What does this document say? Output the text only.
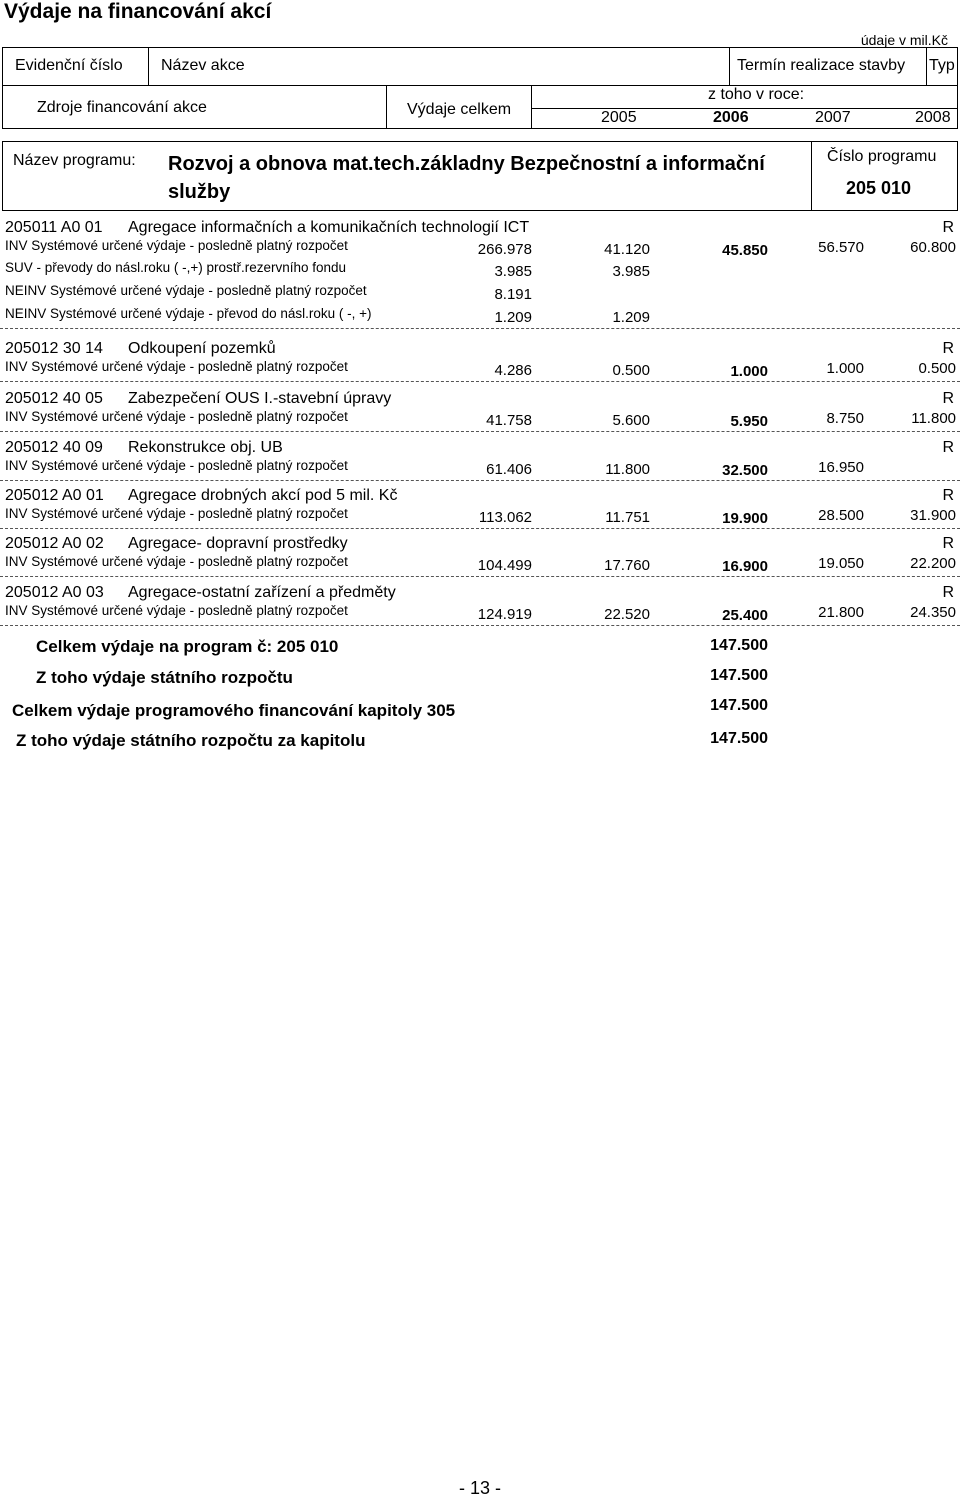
Výdaje na financování akcí
údaje v mil.Kč
Evidenční číslo Název akce	Termín realizace stavby Typ
Zdroje financování akce	Výdaje celkem
z toho v roce:
2005	2006	2007	2008
Název programu: Rozvoj a obnova mat.tech.základny Bezpečnostní a informační
služby
Číslo programu
205 010
205011 A0 01 Agregace informačních a komunikačních technologií ICT	R
INV Systémové určené výdaje - posledně platný rozpočet	266.978	41.120	45.850	56.570	60.800
SUV - převody do násl.roku ( -,+) prostř.rezervního fondu	3.985	3.985
NEINV Systémové určené výdaje - posledně platný rozpočet	8.191
NEINV Systémové určené výdaje - převod do násl.roku ( -, +)	1.209	1.209
205012 30 14 Odkoupení pozemků	R
INV Systémové určené výdaje - posledně platný rozpočet	4.286	0.500	1.000	1.000	0.500
205012 40 05 Zabezpečení OUS I.-stavební úpravy	R
INV Systémové určené výdaje - posledně platný rozpočet	41.758	5.600	5.950	8.750	11.800
205012 40 09 Rekonstrukce obj. UB	R
INV Systémové určené výdaje - posledně platný rozpočet	61.406	11.800	32.500	16.950
205012 A0 01 Agregace drobných akcí pod 5 mil. Kč	R
INV Systémové určené výdaje - posledně platný rozpočet	113.062	11.751	19.900	28.500	31.900
205012 A0 02 Agregace- dopravní prostředky	R
INV Systémové určené výdaje - posledně platný rozpočet	104.499	17.760	16.900	19.050	22.200
205012 A0 03 Agregace-ostatní zařízení a předměty	R
INV Systémové určené výdaje - posledně platný rozpočet	124.919	22.520	25.400	21.800	24.350
Celkem výdaje na program č: 205 010	147.500
Z toho výdaje státního rozpočtu	147.500
Celkem výdaje programového financování kapitoly 305	147.500
Z toho výdaje státního rozpočtu za kapitolu	147.500
- 13 -
